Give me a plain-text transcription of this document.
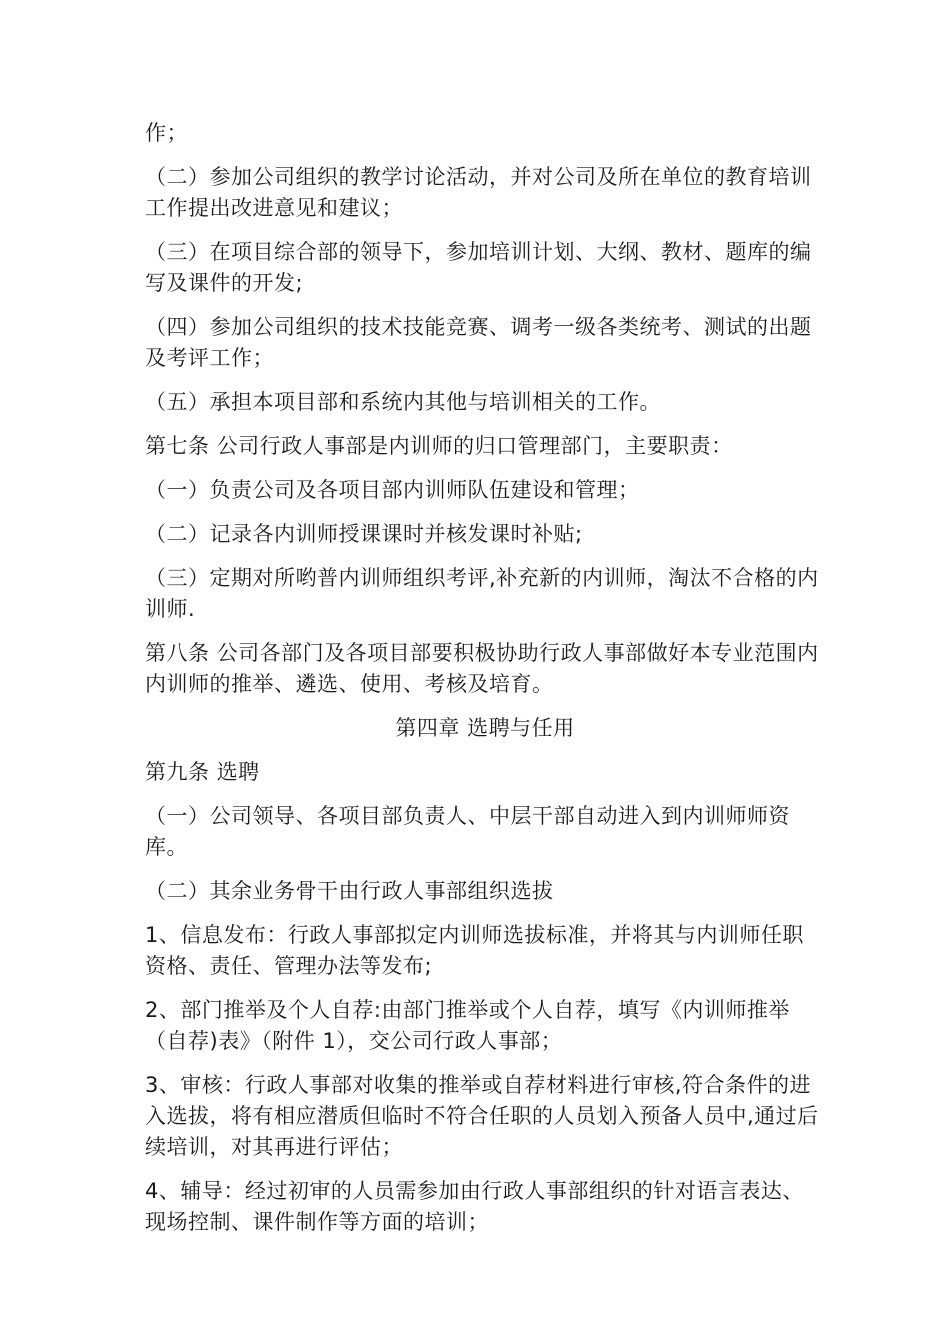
作；

（二）参加公司组织的教学讨论活动，并对公司及所在单位的教育培训工作提出改进意见和建议；

（三）在项目综合部的领导下，参加培训计划、大纲、教材、题库的编写及课件的开发;

（四）参加公司组织的技术技能竞赛、调考一级各类统考、测试的出题及考评工作；

（五）承担本项目部和系统内其他与培训相关的工作。

第七条 公司行政人事部是内训师的归口管理部门，主要职责：

（一）负责公司及各项目部内训师队伍建设和管理；

（二）记录各内训师授课课时并核发课时补贴;

（三）定期对所哟普内训师组织考评,补充新的内训师，淘汰不合格的内训师.

第八条 公司各部门及各项目部要积极协助行政人事部做好本专业范围内内训师的推举、遴选、使用、考核及培育。

第四章 选聘与任用

第九条 选聘

（一）公司领导、各项目部负责人、中层干部自动进入到内训师师资库。

（二）其余业务骨干由行政人事部组织选拔

1、信息发布：行政人事部拟定内训师选拔标准，并将其与内训师任职资格、责任、管理办法等发布;

2、部门推举及个人自荐:由部门推举或个人自荐，填写《内训师推举（自荐)表》（附件 1），交公司行政人事部；

3、审核：行政人事部对收集的推举或自荐材料进行审核,符合条件的进入选拔，将有相应潜质但临时不符合任职的人员划入预备人员中,通过后续培训，对其再进行评估；

4、辅导：经过初审的人员需参加由行政人事部组织的针对语言表达、现场控制、课件制作等方面的培训；
